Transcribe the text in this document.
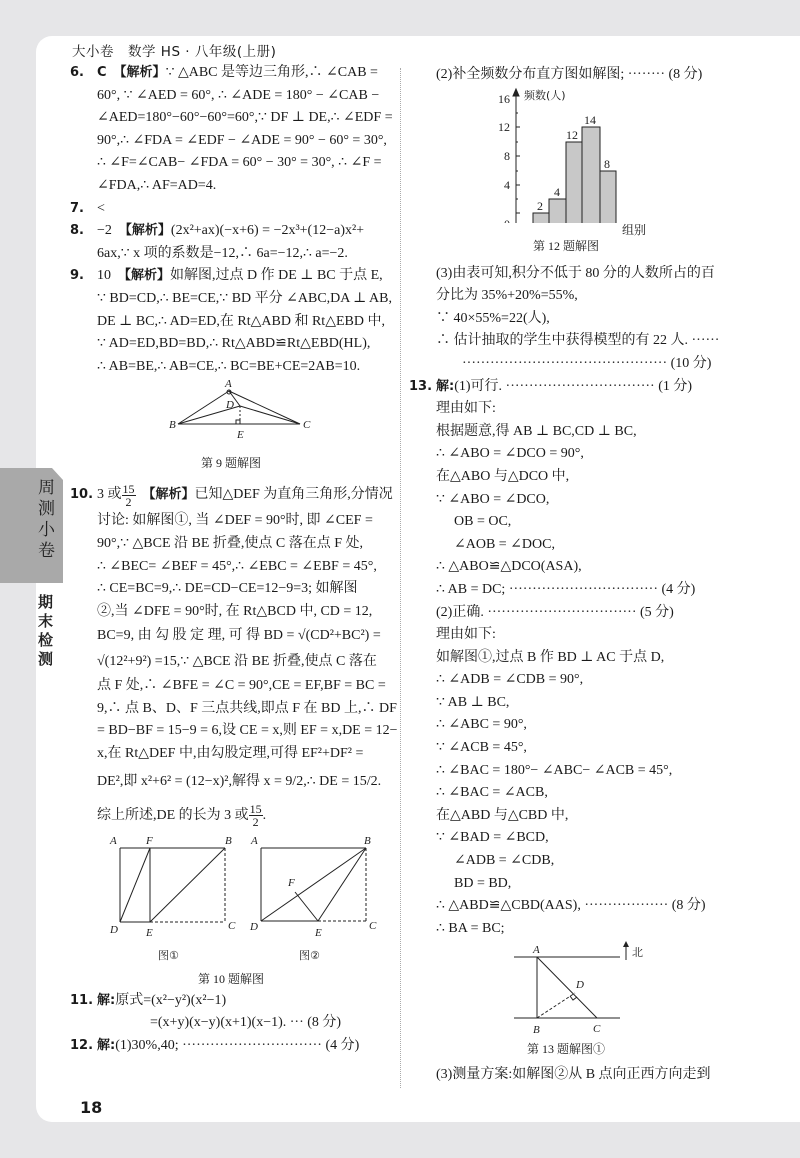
大小卷　数学 HS · 八年级(上册)
周测小卷
期末检测
6. C 【解析】∵ △ABC 是等边三角形,∴ ∠CAB =
60°, ∵ ∠AED = 60°, ∴ ∠ADE = 180° − ∠CAB −
∠AED=180°−60°−60°=60°,∵ DF ⊥ DE,∴ ∠EDF =
90°,∴ ∠FDA = ∠EDF − ∠ADE = 90° − 60° = 30°,
∴ ∠F=∠CAB− ∠FDA = 60° − 30° = 30°, ∴ ∠F =
∠FDA,∴ AF=AD=4.
7. <
8. −2 【解析】(2x²+ax)(−x+6) = −2x³+(12−a)x²+
6ax,∵ x 项的系数是−12,∴ 6a=−12,∴ a=−2.
9. 10 【解析】如解图,过点 D 作 DE ⊥ BC 于点 E,
∵ BD=CD,∴ BE=CE,∵ BD 平分 ∠ABC,DA ⊥ AB,
DE ⊥ BC,∴ AD=ED,在 Rt△ABD 和 Rt△EBD 中,
∵ AD=ED,BD=BD,∴ Rt△ABD≌Rt△EBD(HL),
∴ AB=BE,∴ AB=CE,∴ BC=BE+CE=2AB=10.
A
D
B
E
C
第 9 题解图
10. 3 或 $\frac{15}{2}$ 【解析】已知△DEF 为直角三角形,分情况
讨论: 如解图①, 当 ∠DEF = 90°时, 即 ∠CEF =
90°,∵ △BCE 沿 BE 折叠,使点 C 落在点 F 处,
∴ ∠BEC= ∠BEF = 45°,∴ ∠EBC = ∠EBF = 45°,
∴ CE=BC=9,∴ DE=CD−CE=12−9=3; 如解图
②,当 ∠DFE = 90°时, 在 Rt△BCD 中, CD = 12,
BC=9, 由 勾 股 定 理, 可 得 BD = √(CD²+BC²) =
√(12²+9²) =15,∵ △BCE 沿 BE 折叠,使点 C 落在
点 F 处,∴ ∠BFE = ∠C = 90°,CE = EF,BF = BC =
9,∴ 点 B、D、F 三点共线,即点 F 在 BD 上,∴ DF
= BD−BF = 15−9 = 6,设 CE = x,则 EF = x,DE = 12−
x,在 Rt△DEF 中,由勾股定理,可得 EF²+DF² =
DE²,即 x²+6² = (12−x)²,解得 x = 9/2,∴ DE = 15/2.
综上所述,DE 的长为 3 或 $\frac{15}{2}$ .
A	F	B
D	E
C
A	B
F
D	E
C
图①	图②
第 10 题解图
11. 解:原式=(x²−y²)(x²−1)
=(x+y)(x−y)(x+1)(x−1). ··· (8 分)
12. 解:(1)30%,40; ······························ (4 分)
18
(2)补全频数分布直方图如解图; ········ (8 分)
2
4
12
14
8
16
12
8
4
频数(人)
组别
第 12 题解图
(3)由表可知,积分不低于 80 分的人数所占的百
分比为 35%+20%=55%,
∵ 40×55%=22(人),
∴ 估计抽取的学生中获得模型的有 22 人. ······
············································ (10 分)
13. 解:(1)可行. ································ (1 分)
理由如下:
根据题意,得 AB ⊥ BC,CD ⊥ BC,
∴ ∠ABO = ∠DCO = 90°,
在△ABO 与△DCO 中,
∵ ∠ABO = ∠DCO,
OB = OC,
∠AOB = ∠DOC,
∴ △ABO≌△DCO(ASA),
∴ AB = DC; ································ (4 分)
(2)正确. ································ (5 分)
理由如下:
如解图①,过点 B 作 BD ⊥ AC 于点 D,
∴ ∠ADB = ∠CDB = 90°,
∵ AB ⊥ BC,
∴ ∠ABC = 90°,
∵ ∠ACB = 45°,
∴ ∠BAC = 180°− ∠ABC− ∠ACB = 45°,
∴ ∠BAC = ∠ACB,
在△ABD 与△CBD 中,
∵ ∠BAD = ∠BCD,
∠ADB = ∠CDB,
BD = BD,
∴ △ABD≌△CBD(AAS), ·················· (8 分)
∴ BA = BC;
A
D
B	C
北
第 13 题解图①
(3)测量方案:如解图②从 B 点向正西方向走到
